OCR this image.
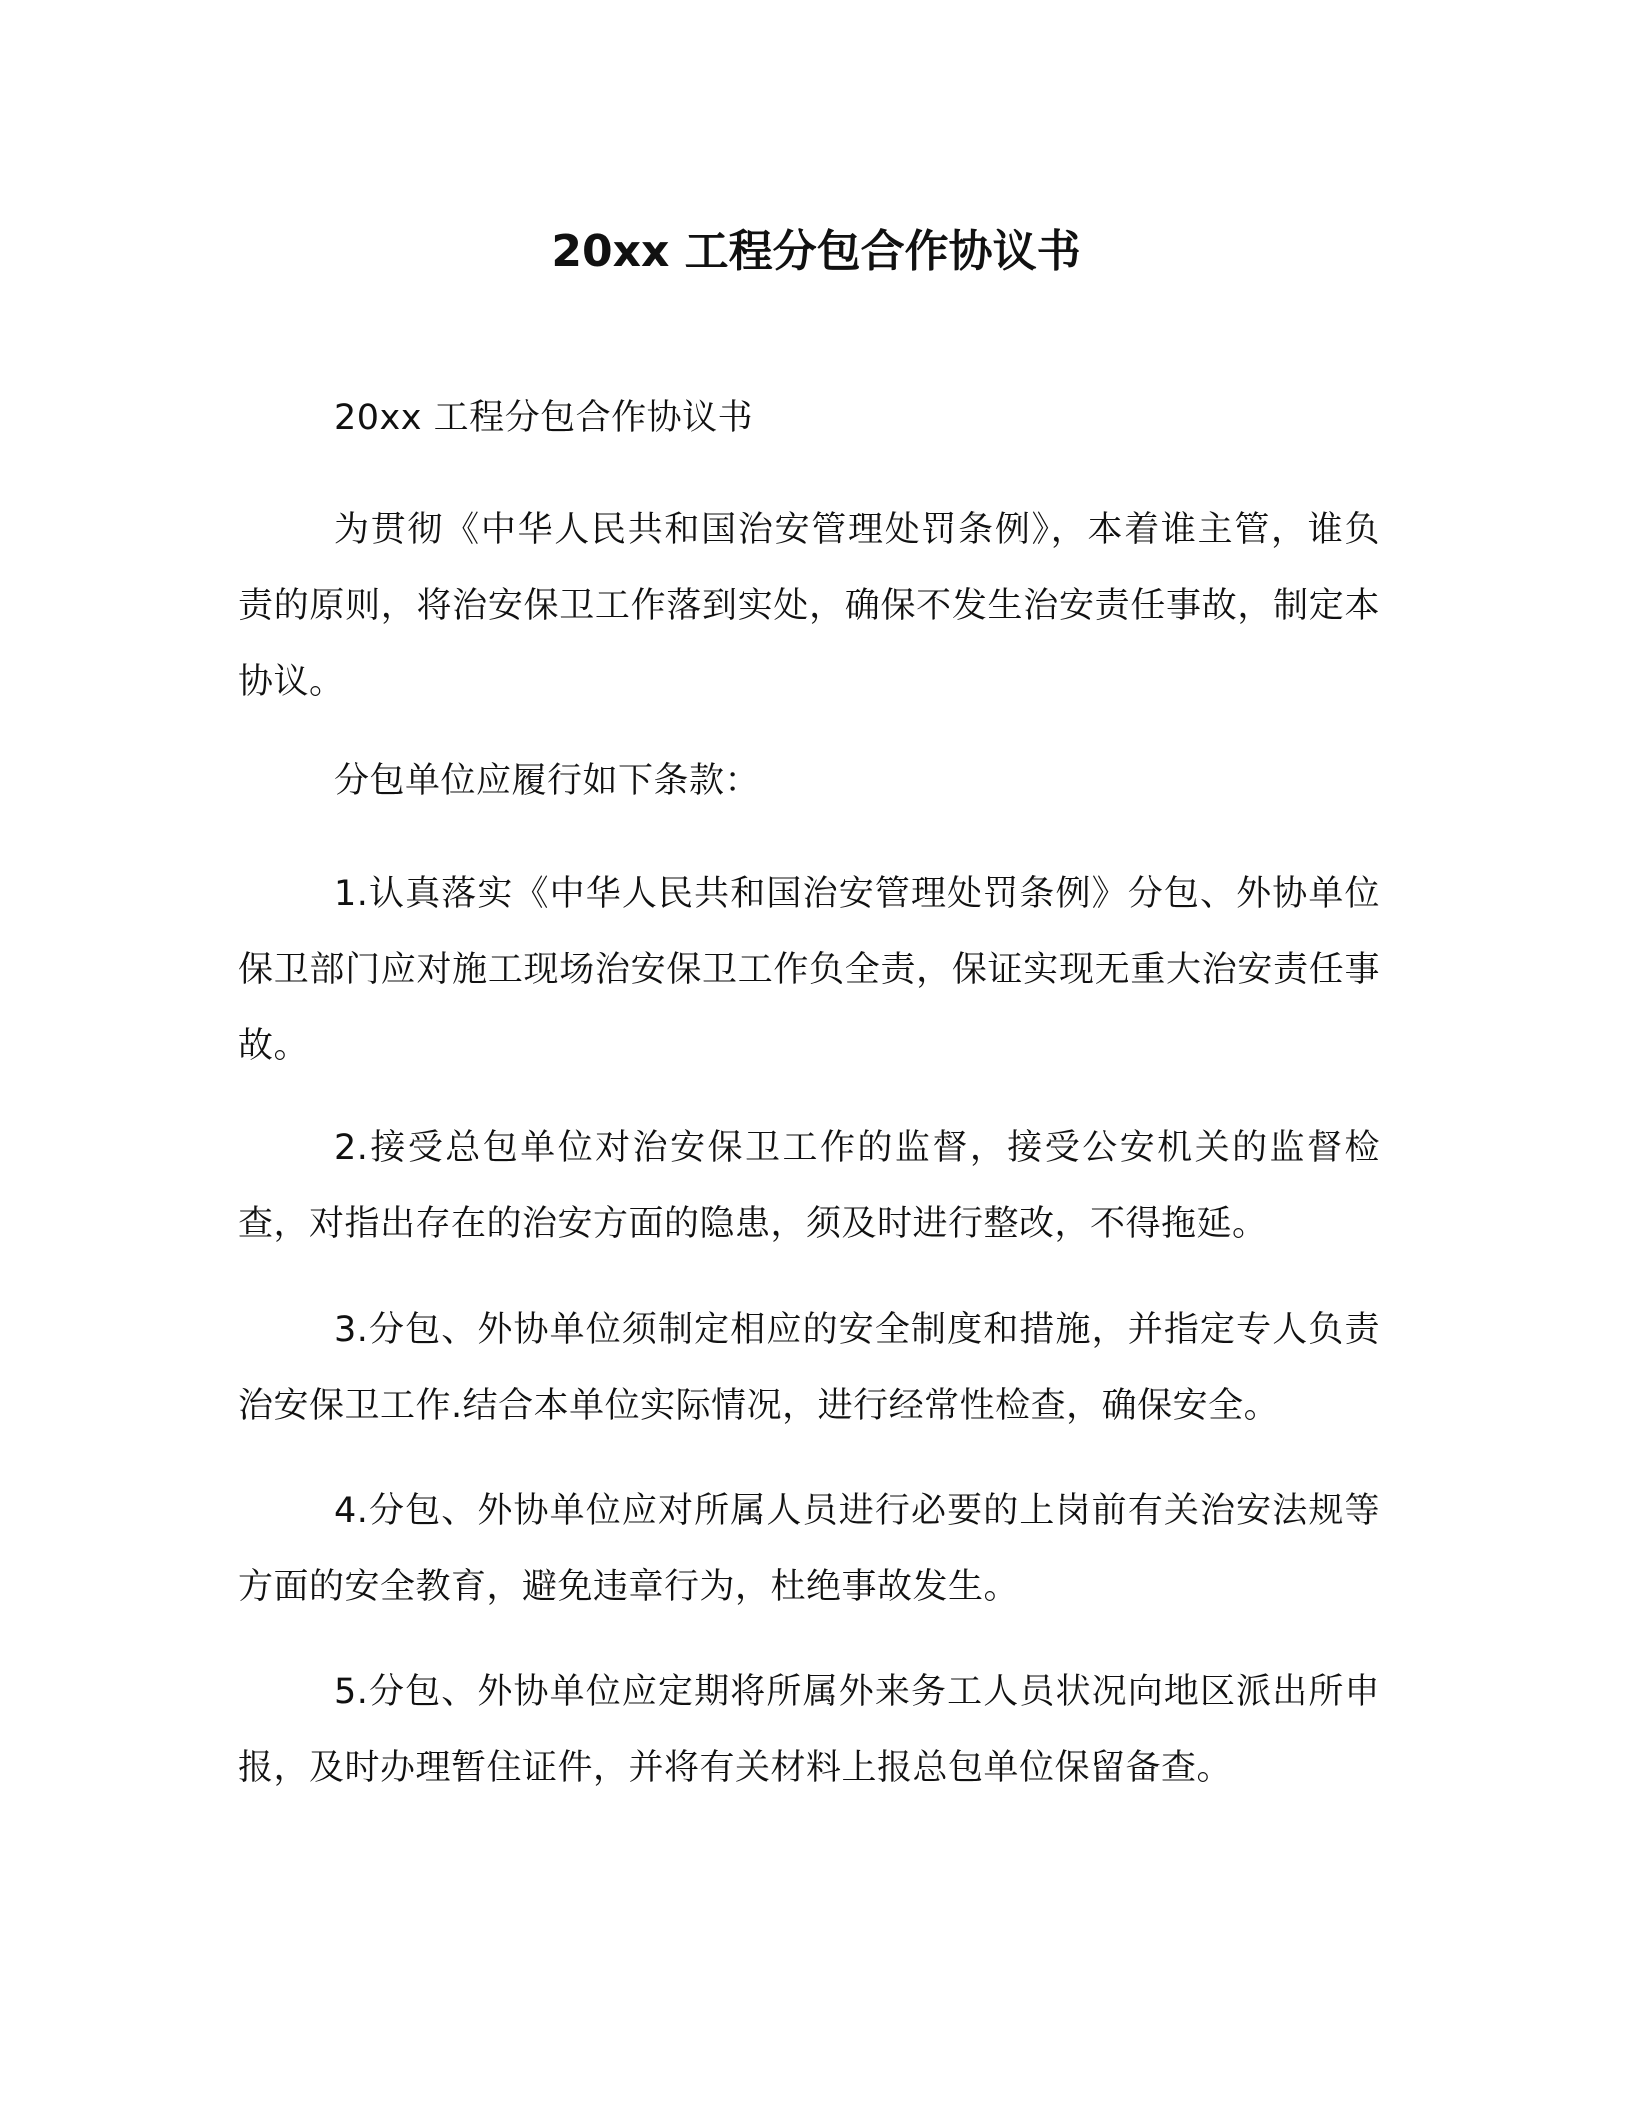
20xx 工程分包合作协议书

20xx 工程分包合作协议书

为贯彻《中华人民共和国治安管理处罚条例》，本着谁主管，谁负责的原则，将治安保卫工作落到实处，确保不发生治安责任事故，制定本协议。

分包单位应履行如下条款：

1.认真落实《中华人民共和国治安管理处罚条例》分包、外协单位保卫部门应对施工现场治安保卫工作负全责，保证实现无重大治安责任事故。

2.接受总包单位对治安保卫工作的监督，接受公安机关的监督检查，对指出存在的治安方面的隐患，须及时进行整改，不得拖延。

3.分包、外协单位须制定相应的安全制度和措施，并指定专人负责治安保卫工作.结合本单位实际情况，进行经常性检查，确保安全。

4.分包、外协单位应对所属人员进行必要的上岗前有关治安法规等方面的安全教育，避免违章行为，杜绝事故发生。

5.分包、外协单位应定期将所属外来务工人员状况向地区派出所申报，及时办理暂住证件，并将有关材料上报总包单位保留备查。
